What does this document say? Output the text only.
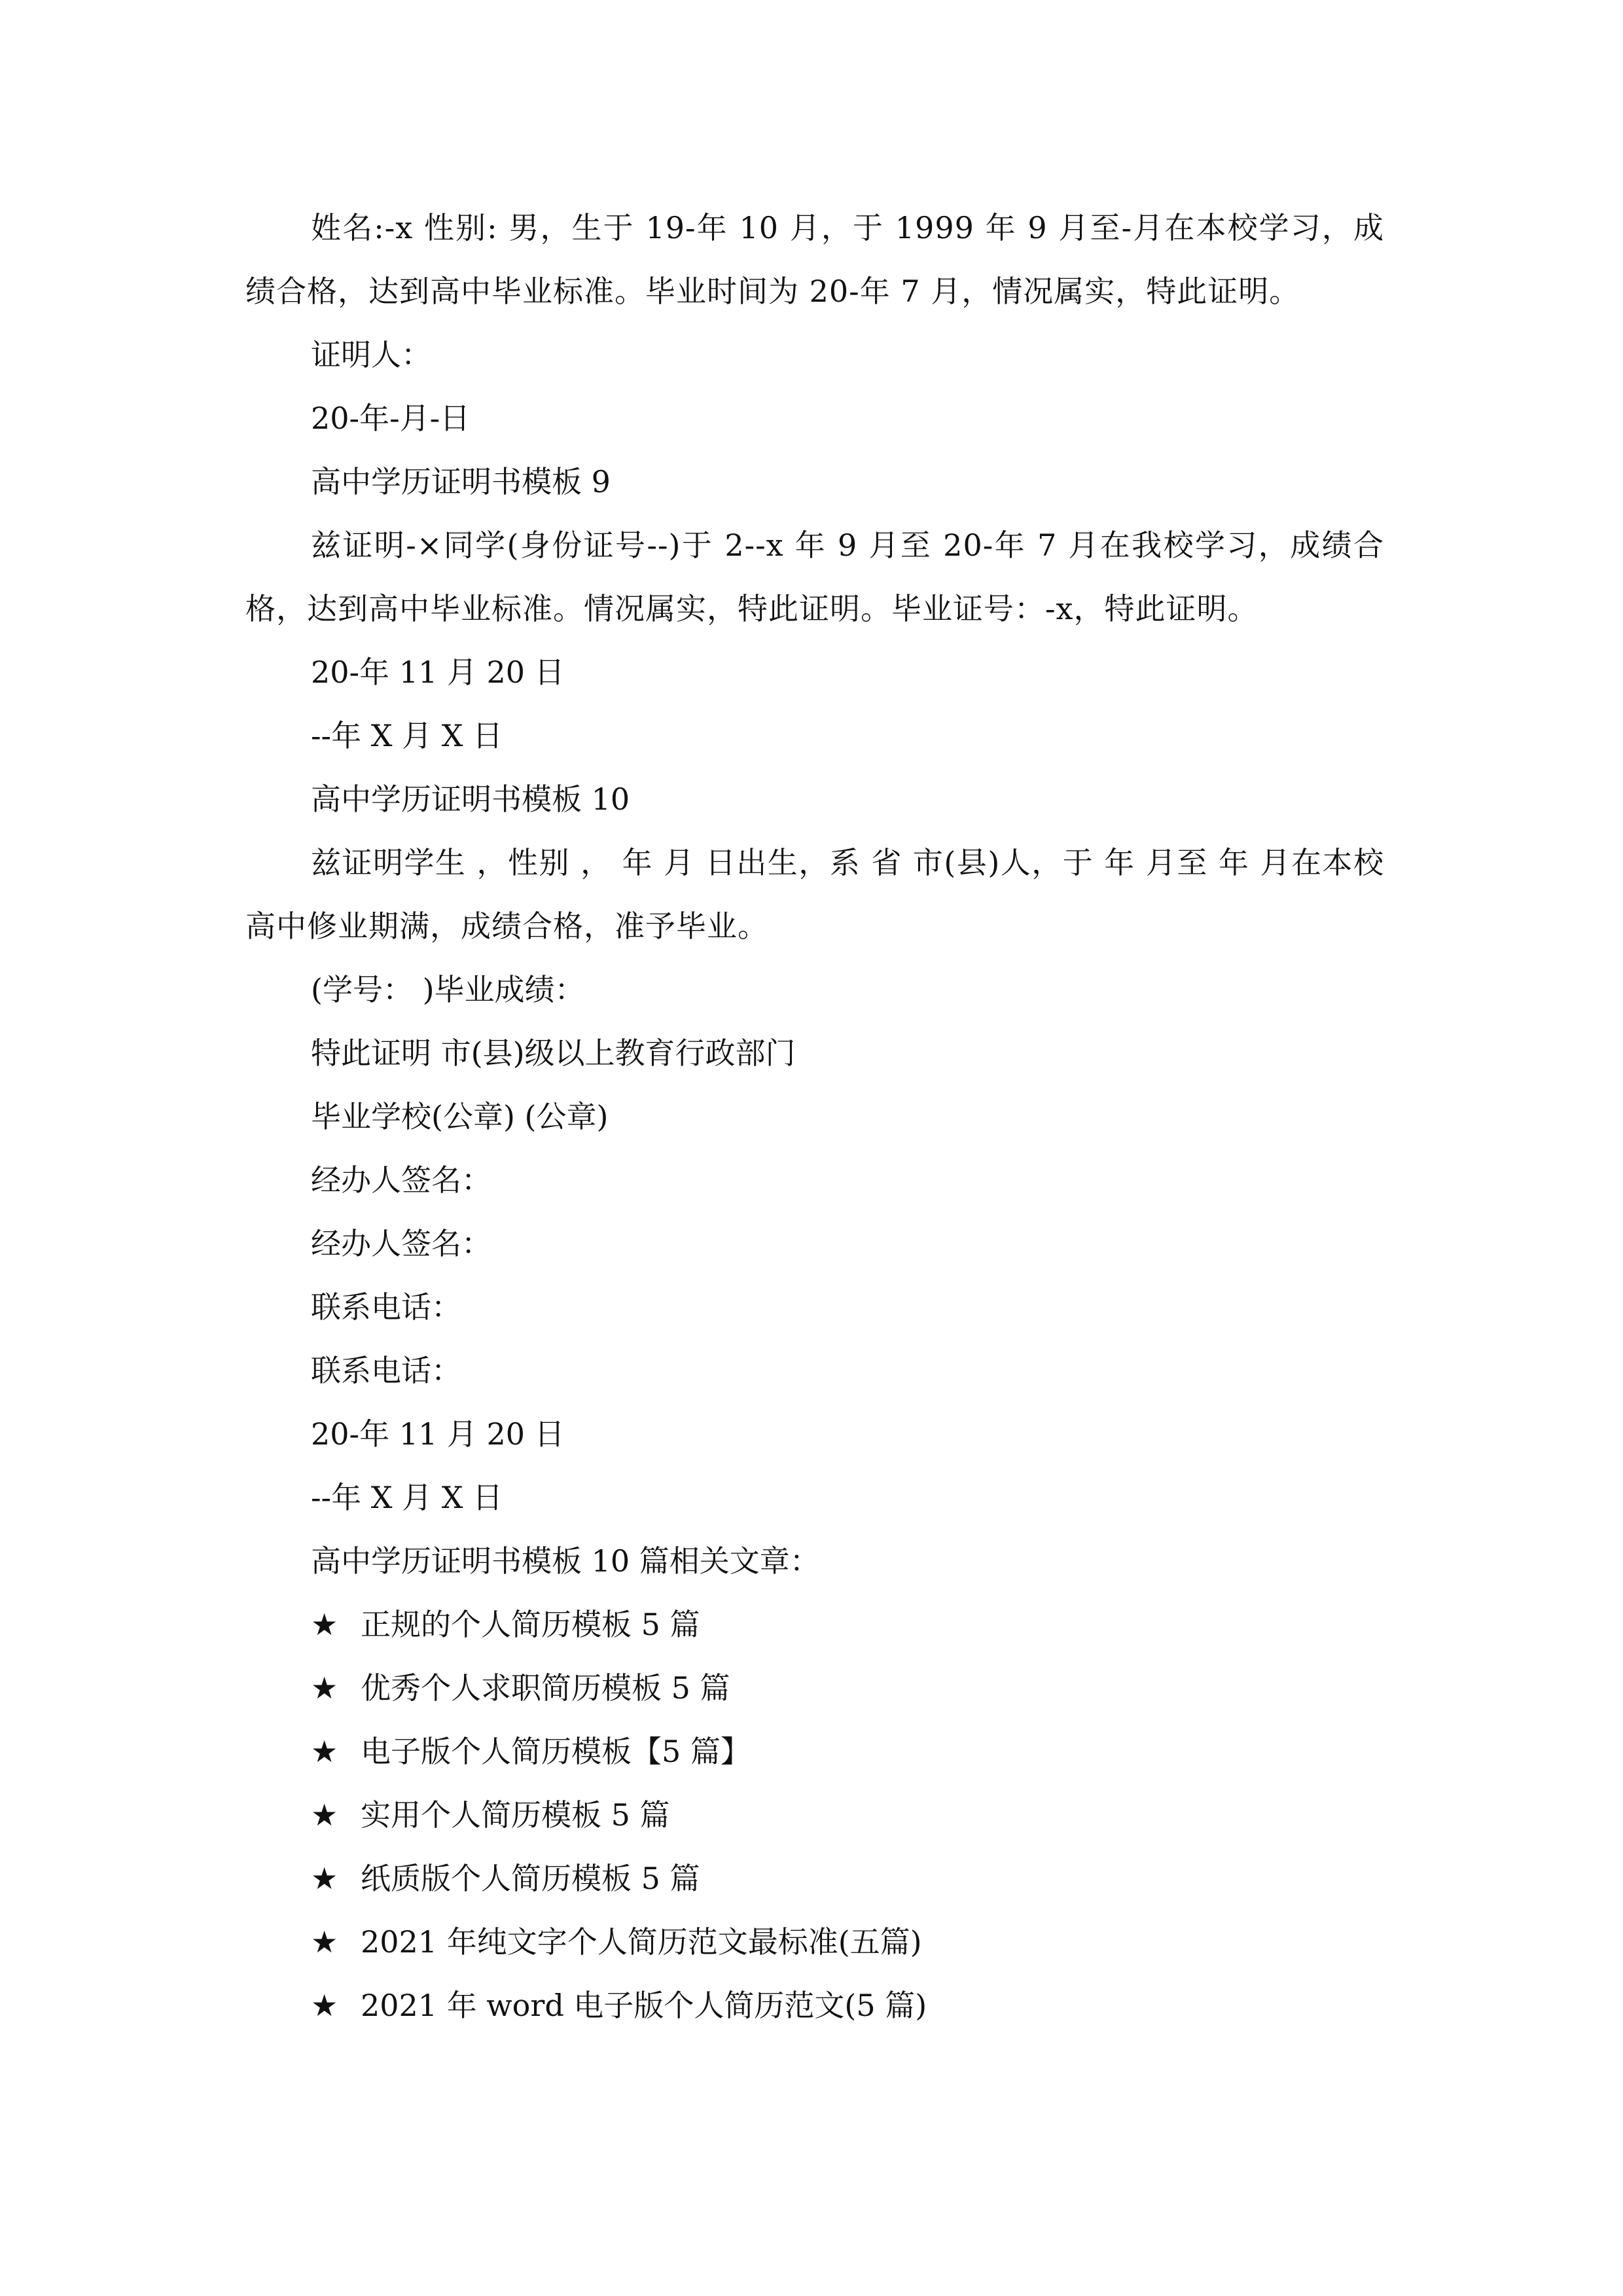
姓名:-x 性别: 男，生于 19-年 10 月，于 1999 年 9 月至-月在本校学习，成绩合格，达到高中毕业标准。毕业时间为 20-年 7 月，情况属实，特此证明。

证明人：

20-年-月-日

高中学历证明书模板 9

兹证明-×同学(身份证号--)于 2--x 年 9 月至 20-年 7 月在我校学习，成绩合格，达到高中毕业标准。情况属实，特此证明。毕业证号：-x，特此证明。

20-年 11 月 20 日

--年 X 月 X 日

高中学历证明书模板 10

兹证明学生 ，性别 ， 年 月 日出生，系 省 市(县)人，于 年 月至 年 月在本校高中修业期满，成绩合格，准予毕业。

(学号： )毕业成绩：

特此证明 市(县)级以上教育行政部门

毕业学校(公章) (公章)

经办人签名：

经办人签名：

联系电话：

联系电话：

20-年 11 月 20 日

--年 X 月 X 日

高中学历证明书模板 10 篇相关文章：

★ 正规的个人简历模板 5 篇

★ 优秀个人求职简历模板 5 篇

★ 电子版个人简历模板【5 篇】

★ 实用个人简历模板 5 篇

★ 纸质版个人简历模板 5 篇

★ 2021 年纯文字个人简历范文最标准(五篇)

★ 2021 年 word 电子版个人简历范文(5 篇)
